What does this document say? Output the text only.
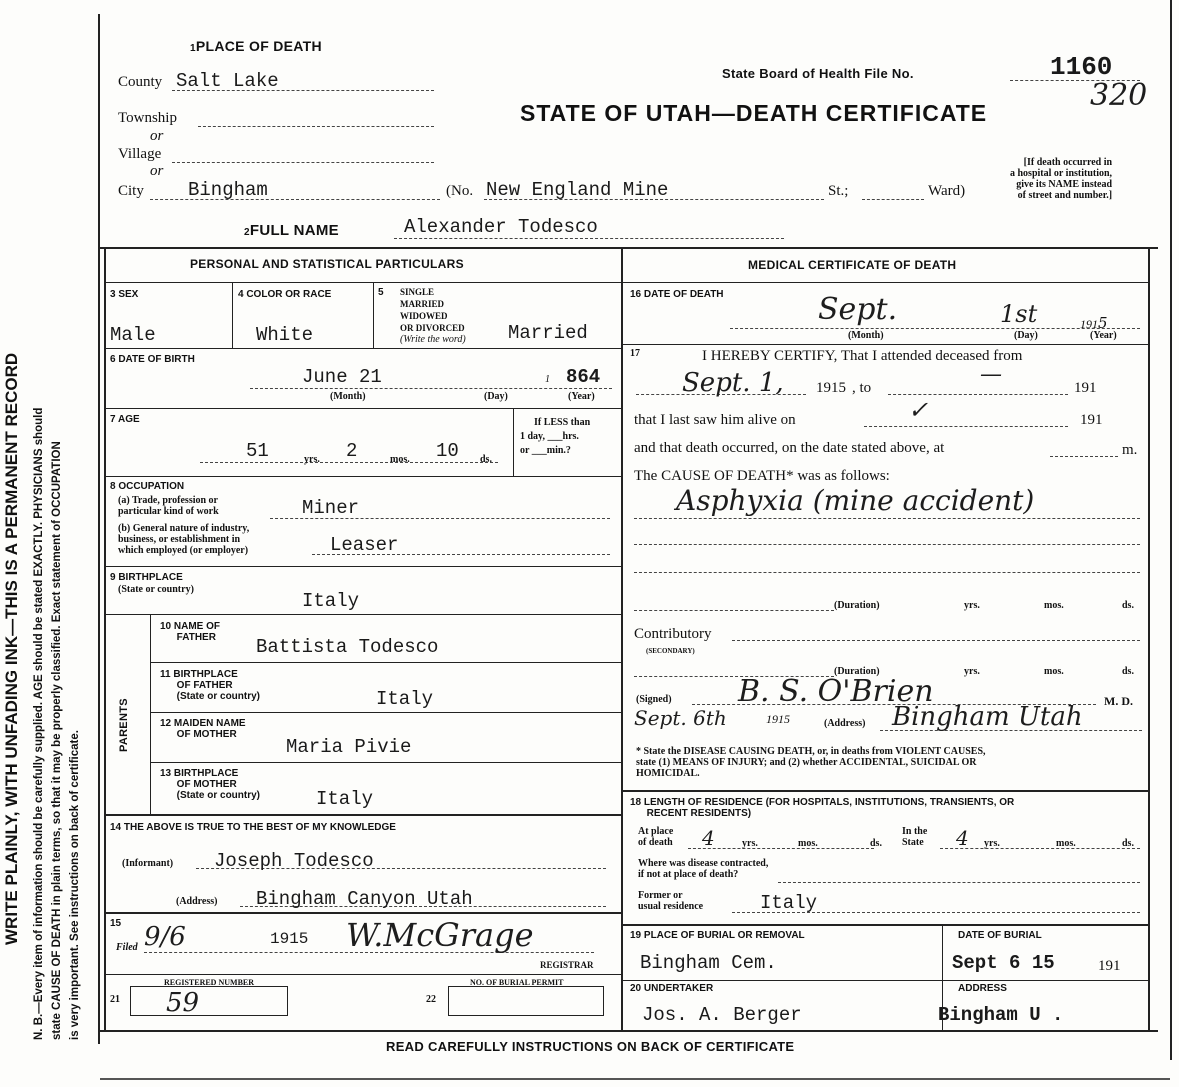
WRITE PLAINLY, WITH UNFADING INK—THIS IS A PERMANENT RECORD N. B.—Every item of information should be carefully supplied. AGE should be stated EXACTLY. PHYSICIANS should state CAUSE OF DEATH in plain terms, so that it may be properly classified. Exact statement of OCCUPATION is very important. See instructions on back of certificate.
1PLACE OF DEATH
County Salt Lake
Township
or
Village
or
City Bingham	(No. New England Mine	St.;	Ward)
State Board of Health File No.	1160
320
STATE OF UTAH—DEATH CERTIFICATE
[If death occurred in
a hospital or institution,
give its NAME instead
of street and number.]
2FULL NAME	Alexander Todesco
PERSONAL AND STATISTICAL PARTICULARS
3 SEX
Male
4 COLOR OR RACE
White
5 SINGLE
MARRIED
WIDOWED
OR DIVORCED
(Write the word) Married
6 DATE OF BIRTH
June 21	1 864
(Month)	(Day)	(Year)
7 AGE
51	yrs. 2	mos. 10 ds.
If LESS than
1 day, ___hrs.
or ___min.?
8 OCCUPATION
(a) Trade, profession or
particular kind of work	Miner
(b) General nature of industry,
business, or establishment in
which employed (or employer)	Leaser
9 BIRTHPLACE
(State or country)
Italy
PARENTS
10 NAME OF
FATHER Battista Todesco
11 BIRTHPLACE
OF FATHER
(State or country)	Italy
12 MAIDEN NAME
OF MOTHER
Maria Pivie
13 BIRTHPLACE
OF MOTHER
(State or country)	Italy
14 THE ABOVE IS TRUE TO THE BEST OF MY KNOWLEDGE
(Informant) Joseph Todesco
(Address) Bingham Canyon Utah
15
Filed 9/6	1915 W.McGrage
REGISTRAR
REGISTERED NUMBER
21 59
NO. OF BURIAL PERMIT
22
MEDICAL CERTIFICATE OF DEATH
16 DATE OF DEATH	Sept.	1st	1915
(Month)	(Day)	(Year)
17	I HEREBY CERTIFY, That I attended deceased from
Sept. 1, 1915 , to
—
191
that I last saw him alive on	✓	191
and that death occurred, on the date stated above, at	m.
The CAUSE OF DEATH* was as follows:
Asphyxia (mine accident)
(Duration)	yrs.	mos.	ds.
Contributory
(SECONDARY)
(Duration)	yrs.	mos.	ds.
(Signed) B. S. O'Brien	M. D.
Sept. 6th	1915	(Address) Bingham Utah
* State the DISEASE CAUSING DEATH, or, in deaths from VIOLENT CAUSES,
state (1) MEANS OF INJURY; and (2) whether ACCIDENTAL, SUICIDAL OR
HOMICIDAL.
18 LENGTH OF RESIDENCE (FOR HOSPITALS, INSTITUTIONS, TRANSIENTS, OR
RECENT RESIDENTS)
At place
of death 4	yrs.	mos.	ds.
In the
State 4 yrs.	mos.	ds.
Where was disease contracted,
if not at place of death?
Former or
usual residence	Italy
19 PLACE OF BURIAL OR REMOVAL
Bingham Cem.
DATE OF BURIAL
Sept 6 15	191
20 UNDERTAKER
Jos. A. Berger
ADDRESS
Bingham U .
READ CAREFULLY INSTRUCTIONS ON BACK OF CERTIFICATE
